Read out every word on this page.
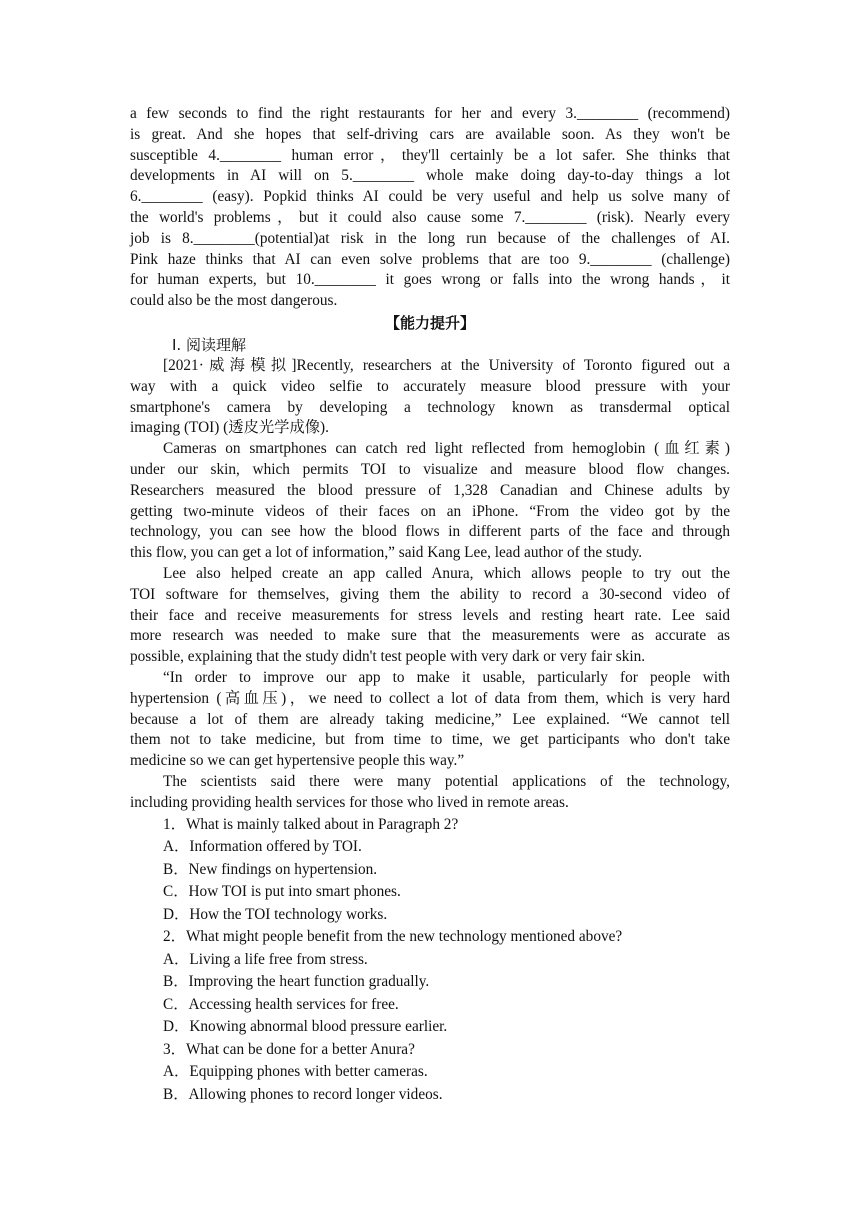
a few seconds to find the right restaurants for her and every 3.________ (recommend)

is great. And she hopes that self-driving cars are available soon. As they won't be

susceptible 4.________ human error，they'll certainly be a lot safer. She thinks that

developments in AI will on 5.________ whole make doing day-to-day things a lot

6.________ (easy). Popkid thinks AI could be very useful and help us solve many of

the world's problems，but it could also cause some 7.________ (risk). Nearly every

job is 8.________(potential)at risk in the long run because of the challenges of AI.

Pink haze thinks that AI can even solve problems that are too 9.________ (challenge)

for human experts, but 10.________ it goes wrong or falls into the wrong hands，it

could also be the most dangerous.

【能力提升】

Ⅰ. 阅读理解

[2021·威海模拟]Recently, researchers at the University of Toronto figured out a

way with a quick video selfie to accurately measure blood pressure with your

smartphone's camera by developing a technology known as transdermal optical

imaging (TOI) (透皮光学成像).

Cameras on smartphones can catch red light reflected from hemoglobin (血红素)

under our skin, which permits TOI to visualize and measure blood flow changes.

Researchers measured the blood pressure of 1,328 Canadian and Chinese adults by

getting two-minute videos of their faces on an iPhone. “From the video got by the

technology, you can see how the blood flows in different parts of the face and through

this flow, you can get a lot of information,” said Kang Lee, lead author of the study.

Lee also helped create an app called Anura, which allows people to try out the

TOI software for themselves, giving them the ability to record a 30-second video of

their face and receive measurements for stress levels and resting heart rate. Lee said

more research was needed to make sure that the measurements were as accurate as

possible, explaining that the study didn't test people with very dark or very fair skin.

“In order to improve our app to make it usable, particularly for people with

hypertension (高血压)，we need to collect a lot of data from them, which is very hard

because a lot of them are already taking medicine,” Lee explained. “We cannot tell

them not to take medicine, but from time to time, we get participants who don't take

medicine so we can get hypertensive people this way.”

The scientists said there were many potential applications of the technology,

including providing health services for those who lived in remote areas.

1．What is mainly talked about in Paragraph 2?

A．Information offered by TOI.

B．New findings on hypertension.

C．How TOI is put into smart phones.

D．How the TOI technology works.

2．What might people benefit from the new technology mentioned above?

A．Living a life free from stress.

B．Improving the heart function gradually.

C．Accessing health services for free.

D．Knowing abnormal blood pressure earlier.

3．What can be done for a better Anura?

A．Equipping phones with better cameras.

B．Allowing phones to record longer videos.
